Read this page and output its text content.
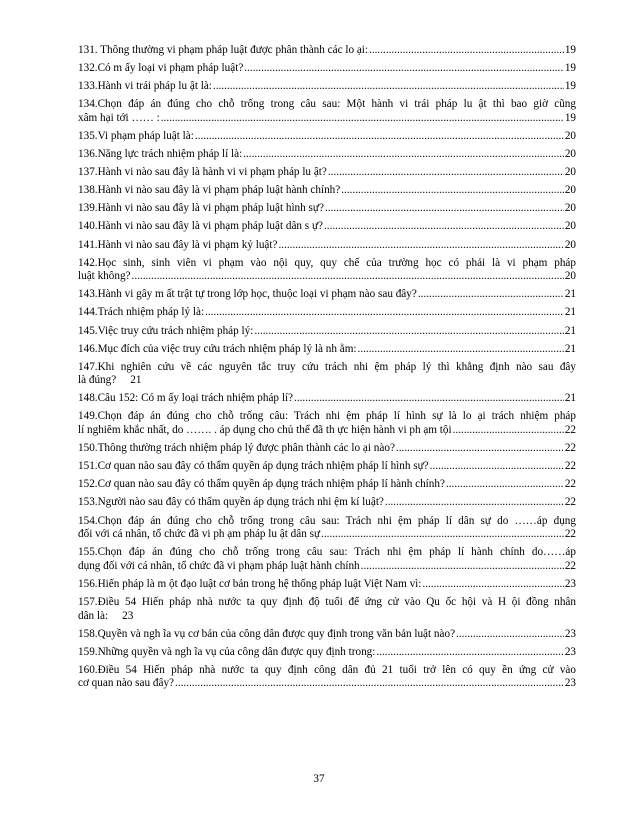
131. Thông thường vi phạm pháp luật được phân thành các lo ại: .....	19
132.Có m ấy loại vi phạm pháp luật? .....	19
133.Hành vi trái pháp lu ật là: .....	19
134.Chọn đáp án đúng cho chỗ trống trong câu sau: Một hành vi trái pháp lu ật thì bao giờ cũng
xâm hại tới …… : .....	19
135.Vi phạm pháp luật là: .....	20
136.Năng lực trách nhiệm pháp lí là: .....	20
137.Hành vi nào sau đây là hành vi vi phạm pháp lu ật? .....	20
138.Hành vi nào sau đây là vi phạm pháp luật hành chính? .....	20
139.Hành vi nào sau đây là vi phạm pháp luật hình sự? .....	20
140.Hành vi nào sau đây là vi phạm pháp luật dân s ự? .....	20
141.Hành vi nào sau đây là vi phạm kỷ luật? .....	20
142.Học sinh, sinh viên vi phạm vào nội quy, quy chế của trường học có phải là vi phạm pháp
luật không? .....	20
143.Hành vi gây m ất trật tự trong lớp học, thuộc loại vi phạm nào sau đây? .....	21
144.Trách nhiệm pháp lý là: .....	21
145.Việc truy cứu trách nhiệm pháp lý: .....	21
146.Mục đích của việc truy cứu trách nhiệm pháp lý là nh ằm: .....	21
147.Khi nghiên cứu về các nguyên tắc truy cứu trách nhi ệm pháp lý thì khẳng định nào sau đây
là đúng? 21
148.Câu 152: Có m ấy loại trách nhiệm pháp lí? .....	21
149.Chọn đáp án đúng cho chỗ trống câu: Trách nhi ệm pháp lí hình sự là lo ại trách nhiệm pháp
lí nghiêm khắc nhất, do ……. . áp dụng cho chủ thể đã th ực hiện hành vi ph ạm tội .....	22
150.Thông thường trách nhiệm pháp lý được phân thành các lo ại nào? .....	22
151.Cơ quan nào sau đây có thẩm quyền áp dụng trách nhiệm pháp lí hình sự? .....	22
152.Cơ quan nào sau đây có thẩm quyền áp dụng trách nhiệm pháp lí hành chính? .....	22
153.Người nào sau đây có thẩm quyền áp dụng trách nhi ệm kí luật? .....	22
154.Chọn đáp án đúng cho chỗ trống trong câu sau: Trách nhi ệm pháp lí dân sự do ……áp dụng
đối với cá nhân, tổ chức đã vi ph ạm pháp lu ật dân sự .....	22
155.Chọn đáp án đúng cho chỗ trống trong câu sau: Trách nhi ệm pháp lí hành chính do……áp
dụng đối với cá nhân, tổ chức đã vi phạm pháp luật hành chính .....	22
156.Hiến pháp là m ột đạo luật cơ bản trong hệ thống pháp luật Việt Nam vì: .....	23
157.Điều 54 Hiến pháp nhà nước ta quy định độ tuổi để ứng cử vào Qu ốc hội và H ội đồng nhân
dân là: 23
158.Quyền và ngh ĩa vụ cơ bản của công dân được quy định trong văn bản luật nào? .....	23
159.Những quyền và ngh ĩa vụ của công dân được quy định trong: .....	23
160.Điều 54 Hiến pháp nhà nước ta quy định công dân đủ 21 tuổi trở lên có quy ền ứng cử vào
cơ quan nào sau đây? .....	23
37
